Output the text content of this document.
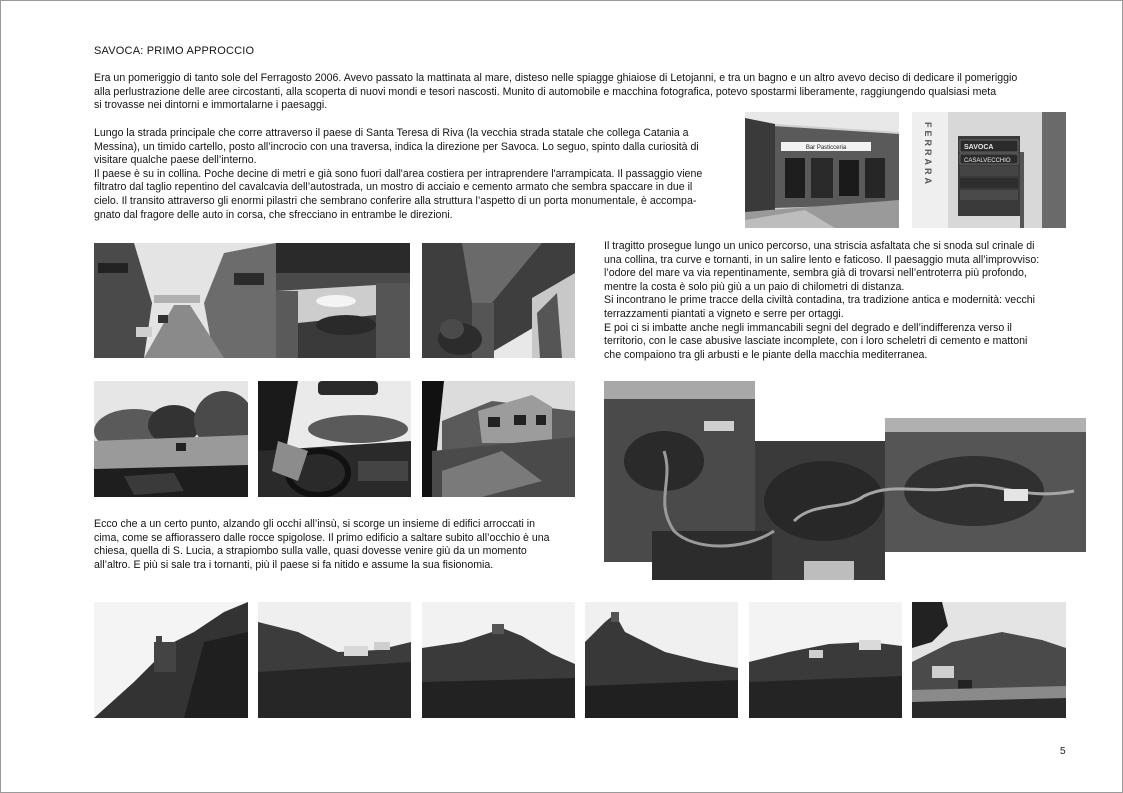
SAVOCA: PRIMO APPROCCIO

Era un pomeriggio di tanto sole del Ferragosto 2006. Avevo passato la mattinata al mare, disteso nelle spiagge ghiaiose di Letojanni, e tra un bagno e un altro avevo deciso di dedicare il pomeriggio
alla perlustrazione delle aree circostanti, alla scoperta di nuovi mondi e tesori nascosti. Munito di automobile e macchina fotografica, potevo spostarmi liberamente, raggiungendo qualsiasi meta
si trovasse nei dintorni e immortalarne i paesaggi.

Lungo la strada principale che corre attraverso il paese di Santa Teresa di Riva (la vecchia strada statale che collega Catania a
Messina), un timido cartello, posto all’incrocio con una traversa, indica la direzione per Savoca. Lo seguo, spinto dalla curiosità di
visitare qualche paese dell’interno.
Il paese è su in collina. Poche decine di metri e già sono fuori dall'area costiera per intraprendere l'arrampicata. Il passaggio viene
filtratro dal taglio repentino del cavalcavia dell’autostrada, un mostro di acciaio e cemento armato che sembra spaccare in due il
cielo. Il transito attraverso gli enormi pilastri che sembrano conferire alla struttura l’aspetto di un porta monumentale, è accompa-
gnato dal fragore delle auto in corsa, che sfrecciano in entrambe le direzioni.

Il tragitto prosegue lungo un unico percorso, una striscia asfaltata che si snoda sul crinale di
una collina, tra curve e tornanti, in un salire lento e faticoso. Il paesaggio muta all’improvviso:
l’odore del mare va via repentinamente, sembra già di trovarsi nell’entroterra più profondo,
mentre la costa è solo più giù a un paio di chilometri di distanza.
Si incontrano le prime tracce della civiltà contadina, tra tradizione antica e modernità: vecchi
terrazzamenti piantati a vigneto e serre per ortaggi.
E poi ci si imbatte anche negli immancabili segni del degrado e dell’indifferenza verso il
territorio, con le case abusive lasciate incomplete, con i loro scheletri di cemento e mattoni
che compaiono tra gli arbusti e le piante della macchia mediterranea.

Ecco che a un certo punto, alzando gli occhi all’insù, si scorge un insieme di edifici arroccati in
cima, come se affiorassero dalle rocce spigolose. Il primo edificio a saltare subito all’occhio è una
chiesa, quella di S. Lucia, a strapiombo sulla valle, quasi dovesse venire giù da un momento
all’altro. E più si sale tra i tornanti, più il paese si fa nitido e assume la sua fisionomia.

Bar Pasticceria	FERRARA	SAVOCA
CASALVECCHIO
5
